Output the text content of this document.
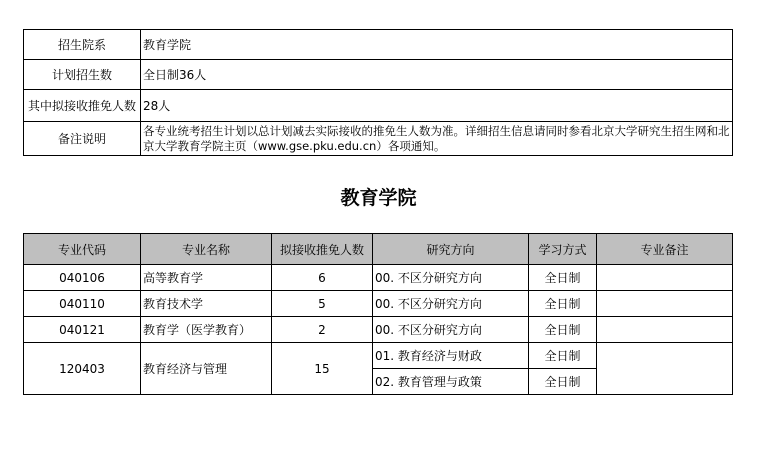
招生院系	教育学院
计划招生数	全日制36人
其中拟接收推免人数	28人
备注说明	各专业统考招生计划以总计划减去实际接收的推免生人数为准。详细招生信息请同时参看北京大学研究生招生网和北京大学教育学院主页（www.gse.pku.edu.cn）各项通知。
教育学院
专业代码	专业名称	拟接收推免人数	研究方向	学习方式	专业备注
040106	高等教育学	6	00. 不区分研究方向	全日制	
040110	教育技术学	5	00. 不区分研究方向	全日制	
040121	教育学（医学教育）	2	00. 不区分研究方向	全日制	
120403	教育经济与管理	15	01. 教育经济与财政	全日制	
			02. 教育管理与政策	全日制	
